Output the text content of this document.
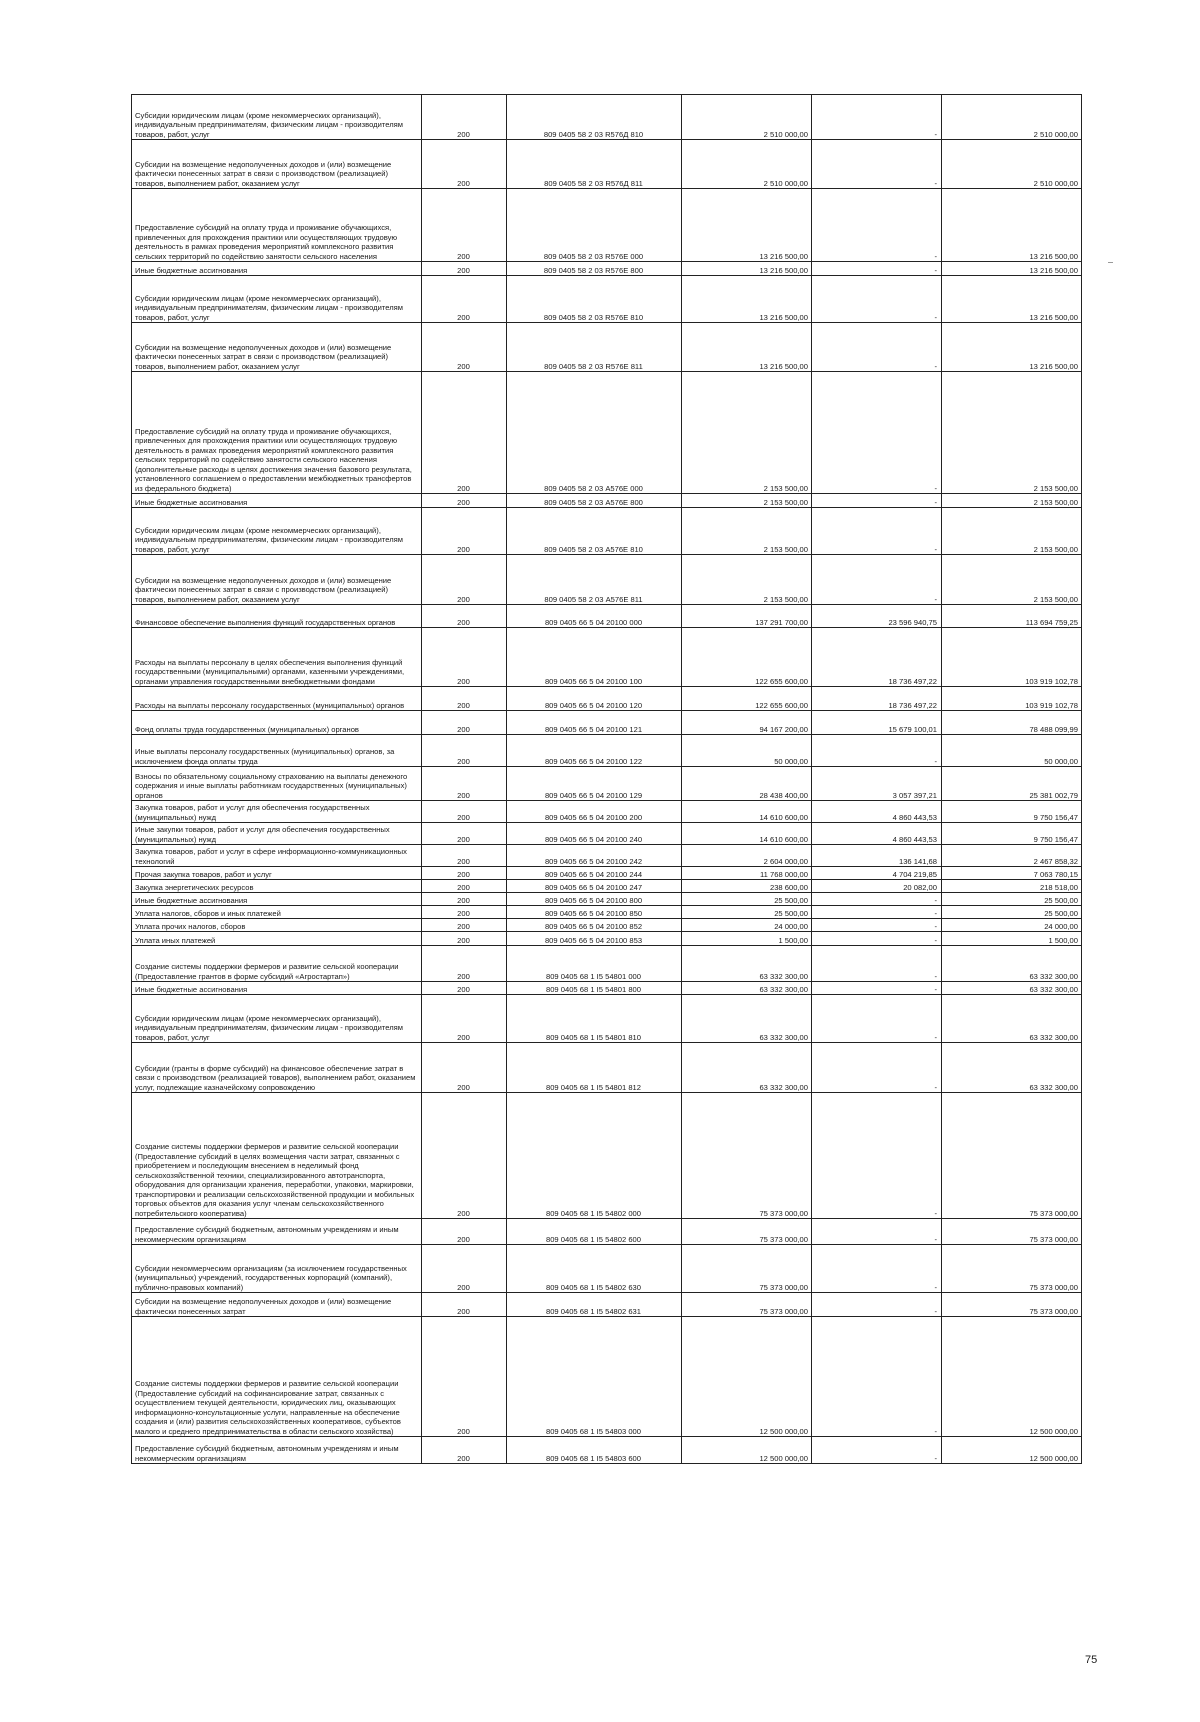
Субсидии юридическим лицам (кроме некоммерческих организаций), индивидуальным предпринимателям, физическим лицам - производителям товаров, работ, услуг	200	809 0405 58 2 03 R576Д 810	2 510 000,00	-	2 510 000,00
Субсидии на возмещение недополученных доходов и (или) возмещение фактически понесенных затрат в связи с производством (реализацией) товаров, выполнением работ, оказанием услуг	200	809 0405 58 2 03 R576Д 811	2 510 000,00	-	2 510 000,00
Предоставление субсидий на оплату труда и проживание обучающихся, привлеченных для прохождения практики или осуществляющих трудовую деятельность в рамках проведения мероприятий комплексного развития сельских территорий по содействию занятости сельского населения	200	809 0405 58 2 03 R576Е 000	13 216 500,00	-	13 216 500,00
Иные бюджетные ассигнования	200	809 0405 58 2 03 R576Е 800	13 216 500,00	-	13 216 500,00
Субсидии юридическим лицам (кроме некоммерческих организаций), индивидуальным предпринимателям, физическим лицам - производителям товаров, работ, услуг	200	809 0405 58 2 03 R576Е 810	13 216 500,00	-	13 216 500,00
Субсидии на возмещение недополученных доходов и (или) возмещение фактически понесенных затрат в связи с производством (реализацией) товаров, выполнением работ, оказанием услуг	200	809 0405 58 2 03 R576Е 811	13 216 500,00	-	13 216 500,00
Предоставление субсидий на оплату труда и проживание обучающихся, привлеченных для прохождения практики или осуществляющих трудовую деятельность в рамках проведения мероприятий комплексного развития сельских территорий по содействию занятости сельского населения (дополнительные расходы в целях достижения значения базового результата, установленного соглашением о предоставлении межбюджетных трансфертов из федерального бюджета)	200	809 0405 58 2 03 А576Е 000	2 153 500,00	-	2 153 500,00
Иные бюджетные ассигнования	200	809 0405 58 2 03 А576Е 800	2 153 500,00	-	2 153 500,00
Субсидии юридическим лицам (кроме некоммерческих организаций), индивидуальным предпринимателям, физическим лицам - производителям товаров, работ, услуг	200	809 0405 58 2 03 А576Е 810	2 153 500,00	-	2 153 500,00
Субсидии на возмещение недополученных доходов и (или) возмещение фактически понесенных затрат в связи с производством (реализацией) товаров, выполнением работ, оказанием услуг	200	809 0405 58 2 03 А576Е 811	2 153 500,00	-	2 153 500,00
Финансовое обеспечение выполнения функций государственных органов	200	809 0405 66 5 04 20100 000	137 291 700,00	23 596 940,75	113 694 759,25
Расходы на выплаты персоналу в целях обеспечения выполнения функций государственными (муниципальными) органами, казенными учреждениями, органами управления государственными внебюджетными фондами	200	809 0405 66 5 04 20100 100	122 655 600,00	18 736 497,22	103 919 102,78
Расходы на выплаты персоналу государственных (муниципальных) органов	200	809 0405 66 5 04 20100 120	122 655 600,00	18 736 497,22	103 919 102,78
Фонд оплаты труда государственных (муниципальных) органов	200	809 0405 66 5 04 20100 121	94 167 200,00	15 679 100,01	78 488 099,99
Иные выплаты персоналу государственных (муниципальных) органов, за исключением фонда оплаты труда	200	809 0405 66 5 04 20100 122	50 000,00	-	50 000,00
Взносы по обязательному социальному страхованию на выплаты денежного содержания и иные выплаты работникам государственных (муниципальных) органов	200	809 0405 66 5 04 20100 129	28 438 400,00	3 057 397,21	25 381 002,79
Закупка товаров, работ и услуг для обеспечения государственных (муниципальных) нужд	200	809 0405 66 5 04 20100 200	14 610 600,00	4 860 443,53	9 750 156,47
Иные закупки товаров, работ и услуг для обеспечения государственных (муниципальных) нужд	200	809 0405 66 5 04 20100 240	14 610 600,00	4 860 443,53	9 750 156,47
Закупка товаров, работ и услуг в сфере информационно-коммуникационных технологий	200	809 0405 66 5 04 20100 242	2 604 000,00	136 141,68	2 467 858,32
Прочая закупка товаров, работ и услуг	200	809 0405 66 5 04 20100 244	11 768 000,00	4 704 219,85	7 063 780,15
Закупка энергетических ресурсов	200	809 0405 66 5 04 20100 247	238 600,00	20 082,00	218 518,00
Иные бюджетные ассигнования	200	809 0405 66 5 04 20100 800	25 500,00	-	25 500,00
Уплата налогов, сборов и иных платежей	200	809 0405 66 5 04 20100 850	25 500,00	-	25 500,00
Уплата прочих налогов, сборов	200	809 0405 66 5 04 20100 852	24 000,00	-	24 000,00
Уплата иных платежей	200	809 0405 66 5 04 20100 853	1 500,00	-	1 500,00
Создание системы поддержки фермеров и развитие сельской кооперации (Предоставление грантов в форме субсидий «Агростартап»)	200	809 0405 68 1 I5 54801 000	63 332 300,00	-	63 332 300,00
Иные бюджетные ассигнования	200	809 0405 68 1 I5 54801 800	63 332 300,00	-	63 332 300,00
Субсидии юридическим лицам (кроме некоммерческих организаций), индивидуальным предпринимателям, физическим лицам - производителям товаров, работ, услуг	200	809 0405 68 1 I5 54801 810	63 332 300,00	-	63 332 300,00
Субсидии (гранты в форме субсидий) на финансовое обеспечение затрат в связи с производством (реализацией товаров), выполнением работ, оказанием услуг, подлежащие казначейскому сопровождению	200	809 0405 68 1 I5 54801 812	63 332 300,00	-	63 332 300,00
Создание системы поддержки фермеров и развитие сельской кооперации (Предоставление субсидий в целях возмещения части затрат, связанных с приобретением и последующим внесением в неделимый фонд сельскохозяйственной техники, специализированного автотранспорта, оборудования для организации хранения, переработки, упаковки, маркировки, транспортировки и реализации сельскохозяйственной продукции и мобильных торговых объектов для оказания услуг членам сельскохозяйственного потребительского кооператива)	200	809 0405 68 1 I5 54802 000	75 373 000,00	-	75 373 000,00
Предоставление субсидий бюджетным, автономным учреждениям и иным некоммерческим организациям	200	809 0405 68 1 I5 54802 600	75 373 000,00	-	75 373 000,00
Субсидии некоммерческим организациям (за исключением государственных (муниципальных) учреждений, государственных корпораций (компаний), публично-правовых компаний)	200	809 0405 68 1 I5 54802 630	75 373 000,00	-	75 373 000,00
Субсидии на возмещение недополученных доходов и (или) возмещение фактически понесенных затрат	200	809 0405 68 1 I5 54802 631	75 373 000,00	-	75 373 000,00
Создание системы поддержки фермеров и развитие сельской кооперации (Предоставление субсидий на софинансирование затрат, связанных с осуществлением текущей деятельности, юридических лиц, оказывающих информационно-консультационные услуги, направленные на обеспечение создания и (или) развития сельскохозяйственных кооперативов, субъектов малого и среднего предпринимательства в области сельского хозяйства)	200	809 0405 68 1 I5 54803 000	12 500 000,00	-	12 500 000,00
Предоставление субсидий бюджетным, автономным учреждениям и иным некоммерческим организациям	200	809 0405 68 1 I5 54803 600	12 500 000,00	-	12 500 000,00
75
